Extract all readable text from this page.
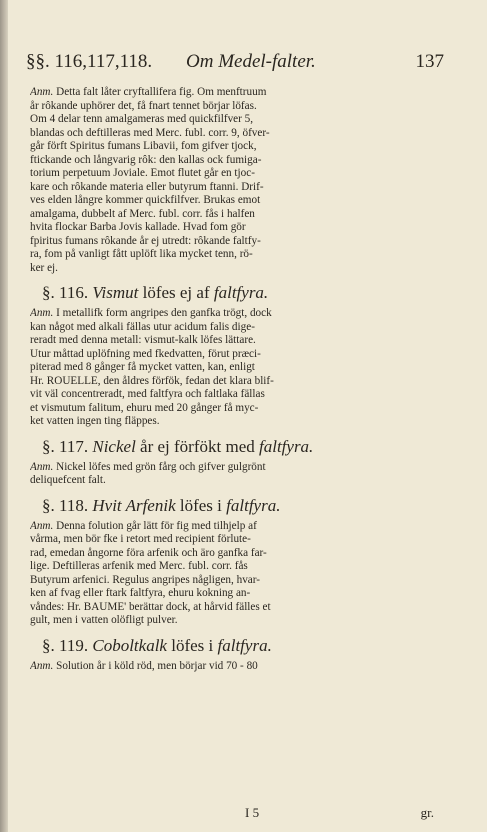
§§. 116,117,118. Om Medel-falter.	137

Anm. Detta falt låter cryftallifera fig. Om menftruum
år rôkande uphörer det, få fnart tennet börjar löfas.
Om 4 delar tenn amalgameras med quickfilfver 5,
blandas och deftilleras med Merc. fubl. corr. 9, öfver-
går förft Spiritus fumans Libavii, fom gifver tjock,
ftickande och långvarig rôk: den kallas ock fumiga-
torium perpetuum Joviale. Emot flutet går en tjoc-
kare och rôkande materia eller butyrum ftanni. Drif-
ves elden långre kommer quickfilfver. Brukas emot
amalgama, dubbelt af Merc. fubl. corr. fås i halfen
hvita flockar Barba Jovis kallade. Hvad fom gör
fpiritus fumans rôkande år ej utredt: rôkande faltfy-
ra, fom på vanligt fått uplöft lika mycket tenn, rö-
ker ej.

§. 116. Vismut löfes ej af faltfyra.

Anm. I metallifk form angripes den ganfka trögt, dock
kan något med alkali fällas utur acidum falis dige-
reradt med denna metall: vismut-kalk löfes lättare.
Utur måttad uplöfning med fkedvatten, förut præci-
piterad med 8 gånger få mycket vatten, kan, enligt
Hr. ROUELLE, den åldres förfök, fedan det klara blif-
vit väl concentreradt, med faltfyra och faltlaka fällas
et vismutum falitum, ehuru med 20 gånger få myc-
ket vatten ingen ting fläppes.

§. 117. Nickel år ej förfökt med faltfyra.

Anm. Nickel löfes med grön fårg och gifver gulgrönt
deliquefcent falt.

§. 118. Hvit Arfenik löfes i faltfyra.

Anm. Denna folution går lätt för fig med tilhjelp af
vårma, men bör fke i retort med recipient förlute-
rad, emedan ångorne föra arfenik och äro ganfka far-
lige. Deftilleras arfenik med Merc. fubl. corr. fås
Butyrum arfenici. Regulus angripes någligen, hvar-
ken af fvag eller ftark faltfyra, ehuru kokning an-
våndes: Hr. BAUME' berättar dock, at hårvid fälles et
gult, men i vatten olöfligt pulver.

§. 119. Coboltkalk löfes i faltfyra.

Anm. Solution år i köld röd, men börjar vid 70 - 80

I 5	gr.
